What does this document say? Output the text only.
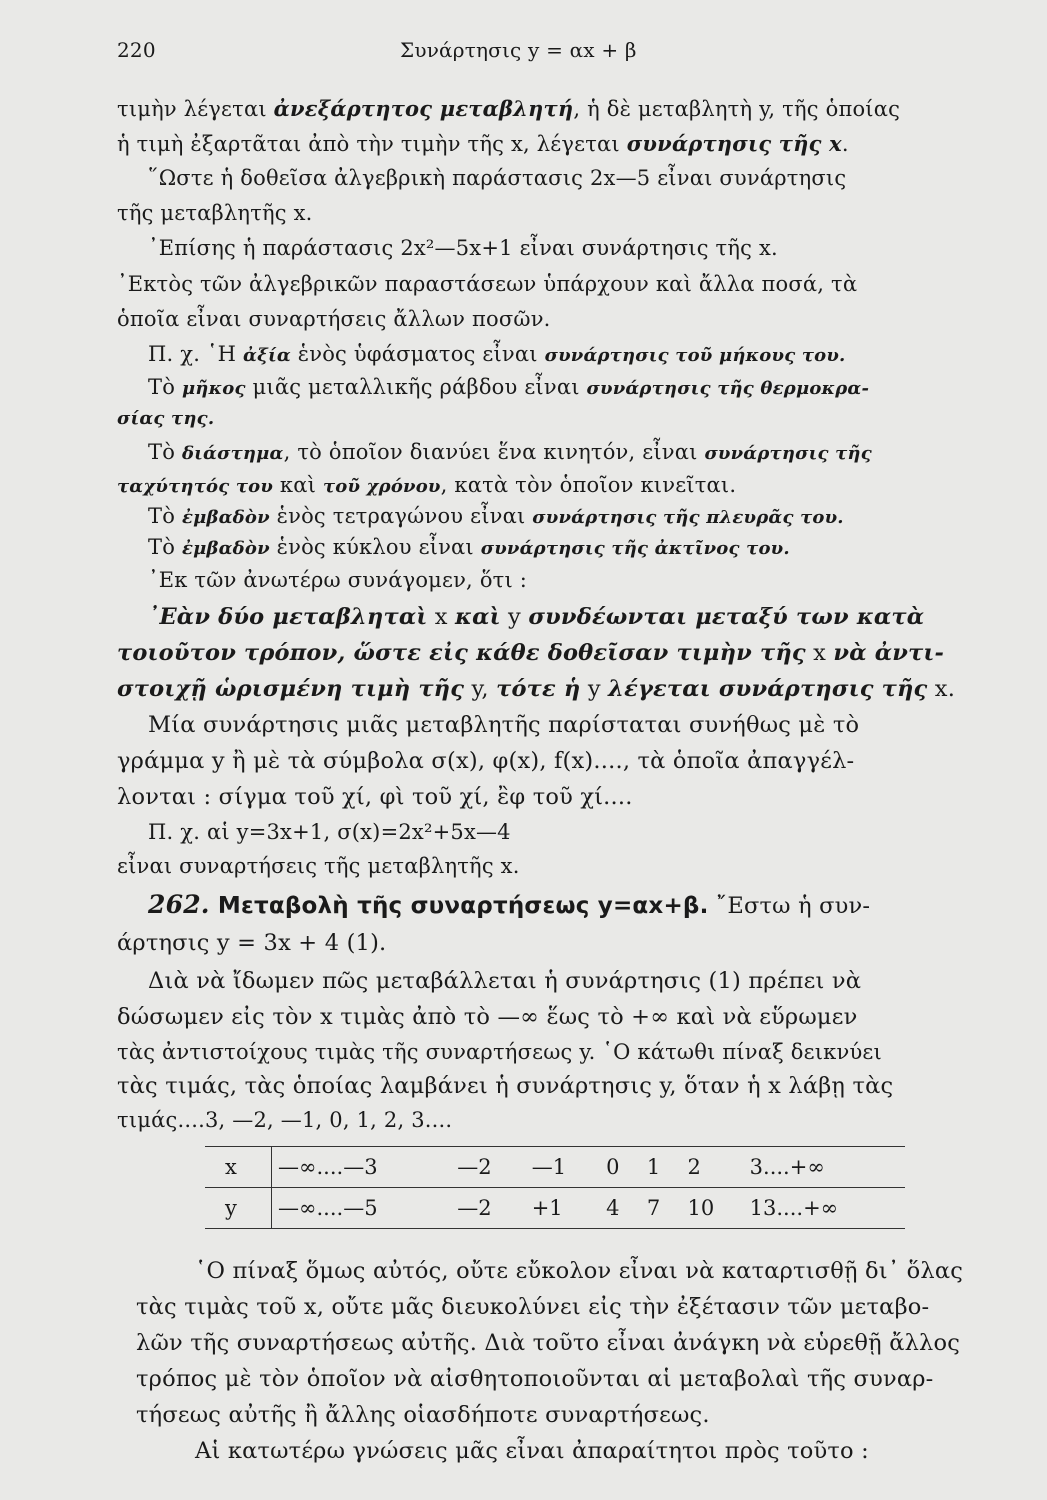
220	Συνάρτησις y = αx + β
τιμὴν λέγεται ἀνεξάρτητος μεταβλητή, ἡ δὲ μεταβλητὴ y, τῆς ὁποίας
ἡ τιμὴ ἐξαρτᾶται ἀπὸ τὴν τιμὴν τῆς x, λέγεται συνάρτησις τῆς x.
῞Ωστε ἡ δοθεῖσα ἀλγεβρικὴ παράστασις 2x—5 εἶναι συνάρτησις
τῆς μεταβλητῆς x.
᾿Επίσης ἡ παράστασις 2x²—5x+1 εἶναι συνάρτησις τῆς x.
᾿Εκτὸς τῶν ἀλγεβρικῶν παραστάσεων ὑπάρχουν καὶ ἄλλα ποσά, τὰ
ὁποῖα εἶναι συναρτήσεις ἄλλων ποσῶν.
Π. χ. ῾Η ἀξία ἑνὸς ὑφάσματος εἶναι συνάρτησις τοῦ μήκους του.
Τὸ μῆκος μιᾶς μεταλλικῆς ράβδου εἶναι συνάρτησις τῆς θερμοκρα-
σίας της.
Τὸ διάστημα, τὸ ὁποῖον διανύει ἕνα κινητόν, εἶναι συνάρτησις τῆς
ταχύτητός του καὶ τοῦ χρόνου, κατὰ τὸν ὁποῖον κινεῖται.
Τὸ ἐμβαδὸν ἑνὸς τετραγώνου εἶναι συνάρτησις τῆς πλευρᾶς του.
Τὸ ἐμβαδὸν ἑνὸς κύκλου εἶναι συνάρτησις τῆς ἀκτῖνος του.
᾿Εκ τῶν ἀνωτέρω συνάγομεν, ὅτι :
᾿Εὰν δύο μεταβληταὶ x καὶ y συνδέωνται μεταξύ των κατὰ
τοιοῦτον τρόπον, ὥστε εἰς κάθε δοθεῖσαν τιμὴν τῆς x νὰ ἀντι-
στοιχῇ ὡρισμένη τιμὴ τῆς y, τότε ἡ y λέγεται συνάρτησις τῆς x.
Μία συνάρτησις μιᾶς μεταβλητῆς παρίσταται συνήθως μὲ τὸ
γράμμα y ἢ μὲ τὰ σύμβολα σ(x), φ(x), f(x)...., τὰ ὁποῖα ἀπαγγέλ-
λονται : σίγμα τοῦ χί, φὶ τοῦ χί, ἒφ τοῦ χί....
Π. χ. αἱ y=3x+1, σ(x)=2x²+5x—4
εἶναι συναρτήσεις τῆς μεταβλητῆς x.
262. Μεταβολὴ τῆς συναρτήσεως y=αx+β. ῎Εστω ἡ συν-
άρτησις y = 3x + 4 (1).
Διὰ νὰ ἴδωμεν πῶς μεταβάλλεται ἡ συνάρτησις (1) πρέπει νὰ
δώσωμεν εἰς τὸν x τιμὰς ἀπὸ τὸ —∞ ἕως τὸ +∞ καὶ νὰ εὕρωμεν
τὰς ἀντιστοίχους τιμὰς τῆς συναρτήσεως y. ῾Ο κάτωθι πίναξ δεικνύει
τὰς τιμάς, τὰς ὁποίας λαμβάνει ἡ συνάρτησις y, ὅταν ἡ x λάβῃ τὰς
τιμάς....3, —2, —1, 0, 1, 2, 3....
x	—∞....—3	—2	—1	0	1	2	3....+∞
y	—∞....—5	—2	+1	4	7	10	13....+∞
῾Ο πίναξ ὅμως αὐτός, οὔτε εὔκολον εἶναι νὰ καταρτισθῇ δι᾿ ὅλας
τὰς τιμὰς τοῦ x, οὔτε μᾶς διευκολύνει εἰς τὴν ἐξέτασιν τῶν μεταβο-
λῶν τῆς συναρτήσεως αὐτῆς. Διὰ τοῦτο εἶναι ἀνάγκη νὰ εὑρεθῇ ἄλλος
τρόπος μὲ τὸν ὁποῖον νὰ αἰσθητοποιοῦνται αἱ μεταβολαὶ τῆς συναρ-
τήσεως αὐτῆς ἢ ἄλλης οἱασδήποτε συναρτήσεως.
Αἱ κατωτέρω γνώσεις μᾶς εἶναι ἀπαραίτητοι πρὸς τοῦτο :
